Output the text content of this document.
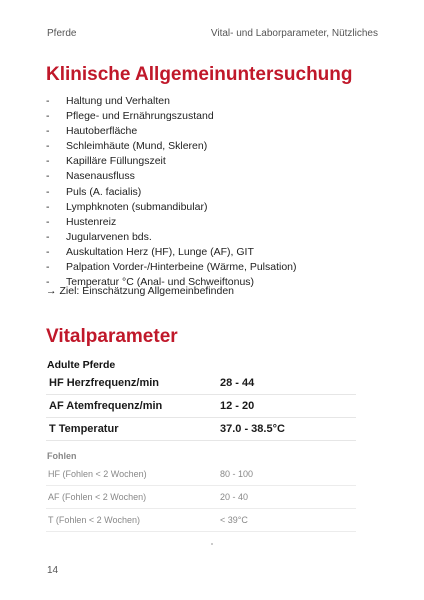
Pferde	Vital- und Laborparameter, Nützliches
Klinische Allgemeinuntersuchung
- Haltung und Verhalten
- Pflege- und Ernährungszustand
- Hautoberfläche
- Schleimhäute (Mund, Skleren)
- Kapilläre Füllungszeit
- Nasenausfluss
- Puls (A. facialis)
- Lymphknoten (submandibular)
- Hustenreiz
- Jugularvenen bds.
- Auskultation Herz (HF), Lunge (AF), GIT
- Palpation Vorder-/Hinterbeine (Wärme, Pulsation)
- Temperatur °C (Anal- und Schweiftonus)
→ Ziel: Einschätzung Allgemeinbefinden
Vitalparameter
Adulte Pferde
HF Herzfrequenz/min	28 - 44
AF Atemfrequenz/min	12 - 20
T Temperatur	37.0 - 38.5°C
Fohlen
HF (Fohlen < 2 Wochen)	80 - 100
AF (Fohlen < 2 Wochen)	20 - 40
T (Fohlen < 2 Wochen)	< 39°C
14
